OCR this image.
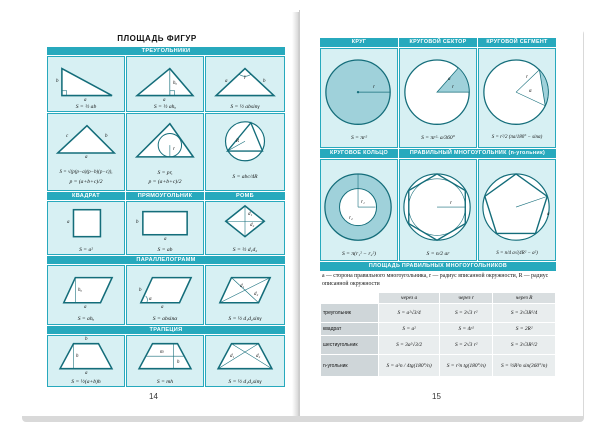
ПЛОЩАДЬ ФИГУР
ТРЕУГОЛЬНИКИ
b
a
S = ½ ab
hₐ
a
S = ½ ahₐ
γ
a	b
S = ½ absinγ
c	b
a
S = √(p(p−a)(p−b)(p−c)),
p = (a+b+c)/2
r
S = pr,
p = (a+b+c)/2
R
S = abc/4R
КВАДРАТ	ПРЯМОУГОЛЬНИК	РОМБ
a
S = a²
b
a
S = ab
d₁
d₂
S = ½ d₁d₂
ПАРАЛЛЕЛОГРАММ
hₐ
a
S = ahₐ
α
b
a
S = absinα
d₁
d₂
S = ½ d₁d₂sinγ
ТРАПЕЦИЯ
b
h
a
S = ½(a+b)h
m
h
S = mh
d₁	d₂
S = ½ d₁d₂sinγ
14
КРУГ	КРУГОВОЙ СЕКТОР	КРУГОВОЙ СЕГМЕНТ
r
S = πr²
r
a
S = πr²· a/360°
r
α
S = r²/2 (πa/180° − sinα)
КРУГОВОЕ КОЛЬЦО	ПРАВИЛЬНЫЙ МНОГОУГОЛЬНИК (n-угольник)
r₁
r₂
S = π(r₁² − r₂²)
r
S = n/2 ar
a
S = n/4 a√(4R² − a²)
ПЛОЩАДЬ ПРАВИЛЬНЫХ МНОГОУГОЛЬНИКОВ
a — сторона правильного многоугольника, r — радиус вписанной окружности, R — радиус описанной окружности
	через a	через r	через R
треугольник	S = a²√3/4	S = 3√3 r²	S = 3√3R²/4
квадрат	S = a²	S = 4r²	S = 2R²
шестиугольник	S = 3a²√3/2	S = 2√3 r²	S = 3√3R²/2
n-угольник	S = a²n / 4tg(180°/n)	S = r²n tg(180°/n)	S = ½R²n sin(360°/n)
15
